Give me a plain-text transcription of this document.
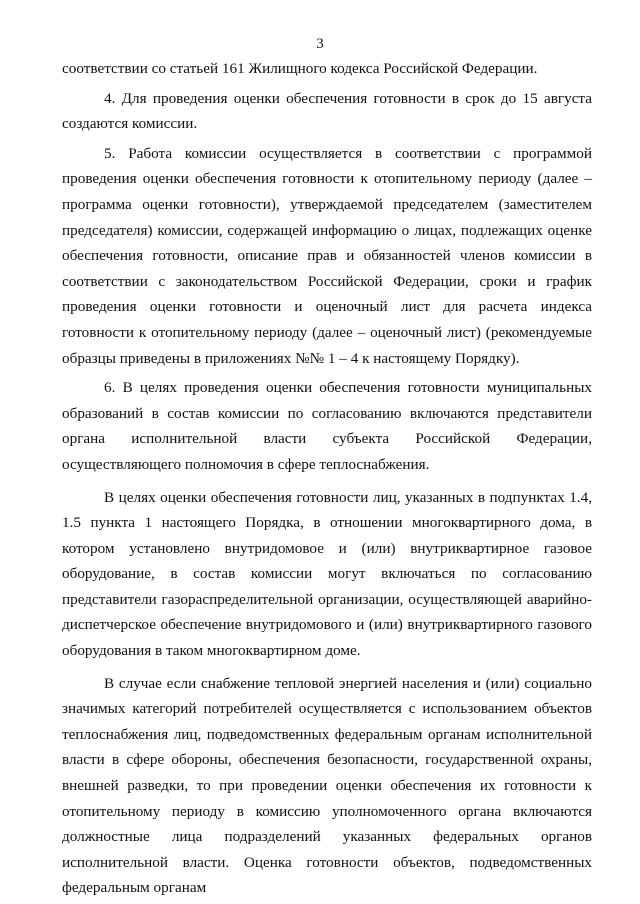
3

соответствии со статьей 161 Жилищного кодекса Российской Федерации.

4. Для проведения оценки обеспечения готовности в срок до 15 августа создаются комиссии.

5. Работа комиссии осуществляется в соответствии с программой проведения оценки обеспечения готовности к отопительному периоду (далее – программа оценки готовности), утверждаемой председателем (заместителем председателя) комиссии, содержащей информацию о лицах, подлежащих оценке обеспечения готовности, описание прав и обязанностей членов комиссии в соответствии с законодательством Российской Федерации, сроки и график проведения оценки готовности и оценочный лист для расчета индекса готовности к отопительному периоду (далее – оценочный лист) (рекомендуемые образцы приведены в приложениях №№ 1 – 4 к настоящему Порядку).

6. В целях проведения оценки обеспечения готовности муниципальных образований в состав комиссии по согласованию включаются представители органа исполнительной власти субъекта Российской Федерации, осуществляющего полномочия в сфере теплоснабжения.

В целях оценки обеспечения готовности лиц, указанных в подпунктах 1.4, 1.5 пункта 1 настоящего Порядка, в отношении многоквартирного дома, в котором установлено внутридомовое и (или) внутриквартирное газовое оборудование, в состав комиссии могут включаться по согласованию представители газораспределительной организации, осуществляющей аварийно-диспетчерское обеспечение внутридомового и (или) внутриквартирного газового оборудования в таком многоквартирном доме.

В случае если снабжение тепловой энергией населения и (или) социально значимых категорий потребителей осуществляется с использованием объектов теплоснабжения лиц, подведомственных федеральным органам исполнительной власти в сфере обороны, обеспечения безопасности, государственной охраны, внешней разведки, то при проведении оценки обеспечения их готовности к отопительному периоду в комиссию уполномоченного органа включаются должностные лица подразделений указанных федеральных органов исполнительной власти. Оценка готовности объектов, подведомственных федеральным органам
